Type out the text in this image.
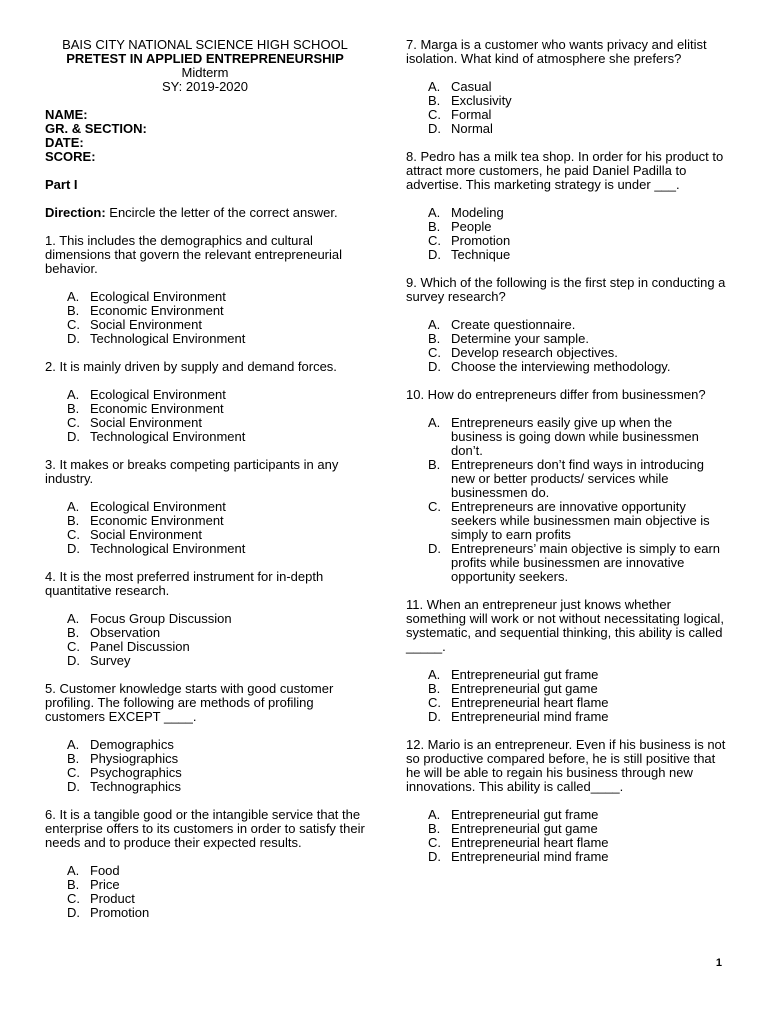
BAIS CITY NATIONAL SCIENCE HIGH SCHOOL
PRETEST IN APPLIED ENTREPRENEURSHIP
Midterm
SY: 2019-2020
NAME:
GR. & SECTION:
DATE:
SCORE:
Part I
Direction: Encircle the letter of the correct answer.
1. This includes the demographics and cultural dimensions that govern the relevant entrepreneurial behavior.
A. Ecological Environment
B. Economic Environment
C. Social Environment
D. Technological Environment
2. It is mainly driven by supply and demand forces.
A. Ecological Environment
B. Economic Environment
C. Social Environment
D. Technological Environment
3. It makes or breaks competing participants in any industry.
A. Ecological Environment
B. Economic Environment
C. Social Environment
D. Technological Environment
4. It is the most preferred instrument for in-depth quantitative research.
A. Focus Group Discussion
B. Observation
C. Panel Discussion
D. Survey
5. Customer knowledge starts with good customer profiling. The following are methods of profiling customers EXCEPT ____.
A. Demographics
B. Physiographics
C. Psychographics
D. Technographics
6. It is a tangible good or the intangible service that the enterprise offers to its customers in order to satisfy their needs and to produce their expected results.
A. Food
B. Price
C. Product
D. Promotion
7. Marga is a customer who wants privacy and elitist isolation. What kind of atmosphere she prefers?
A. Casual
B. Exclusivity
C. Formal
D. Normal
8. Pedro has a milk tea shop. In order for his product to attract more customers, he paid Daniel Padilla to advertise. This marketing strategy is under ___.
A. Modeling
B. People
C. Promotion
D. Technique
9. Which of the following is the first step in conducting a survey research?
A. Create questionnaire.
B. Determine your sample.
C. Develop research objectives.
D. Choose the interviewing methodology.
10. How do entrepreneurs differ from businessmen?
A. Entrepreneurs easily give up when the business is going down while businessmen don’t.
B. Entrepreneurs don’t find ways in introducing new or better products/ services while businessmen do.
C. Entrepreneurs are innovative opportunity seekers while businessmen main objective is simply to earn profits
D. Entrepreneurs’ main objective is simply to earn profits while businessmen are innovative opportunity seekers.
11. When an entrepreneur just knows whether something will work or not without necessitating logical, systematic, and sequential thinking, this ability is called _____.
A. Entrepreneurial gut frame
B. Entrepreneurial gut game
C. Entrepreneurial heart flame
D. Entrepreneurial mind frame
12. Mario is an entrepreneur. Even if his business is not so productive compared before, he is still positive that he will be able to regain his business through new innovations. This ability is called____.
A. Entrepreneurial gut frame
B. Entrepreneurial gut game
C. Entrepreneurial heart flame
D. Entrepreneurial mind frame
1
